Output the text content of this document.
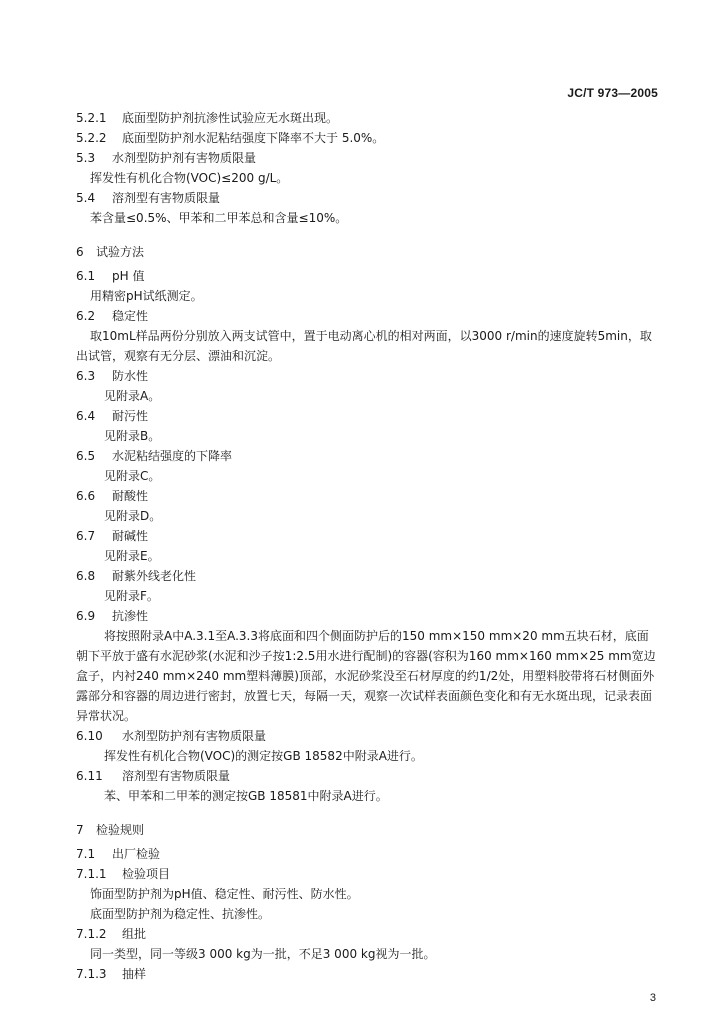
JC/T 973—2005
5.2.1 底面型防护剂抗渗性试验应无水斑出现。
5.2.2 底面型防护剂水泥粘结强度下降率不大于 5.0%。
5.3 水剂型防护剂有害物质限量
挥发性有机化合物(VOC)≤200 g/L。
5.4 溶剂型有害物质限量
苯含量≤0.5%、甲苯和二甲苯总和含量≤10%。
6 试验方法
6.1 pH 值
用精密pH试纸测定。
6.2 稳定性
取10mL样品两份分别放入两支试管中，置于电动离心机的相对两面，以3000 r/min的速度旋转5min，取出试管，观察有无分层、漂油和沉淀。
6.3 防水性
见附录A。
6.4 耐污性
见附录B。
6.5 水泥粘结强度的下降率
见附录C。
6.6 耐酸性
见附录D。
6.7 耐碱性
见附录E。
6.8 耐紫外线老化性
见附录F。
6.9 抗渗性
将按照附录A中A.3.1至A.3.3将底面和四个侧面防护后的150 mm×150 mm×20 mm五块石材，底面朝下平放于盛有水泥砂浆(水泥和沙子按1:2.5用水进行配制)的容器(容积为160 mm×160 mm×25 mm宽边盒子，内衬240 mm×240 mm塑料薄膜)顶部，水泥砂浆没至石材厚度的约1/2处，用塑料胶带将石材侧面外露部分和容器的周边进行密封，放置七天，每隔一天，观察一次试样表面颜色变化和有无水斑出现，记录表面异常状况。
6.10 水剂型防护剂有害物质限量
挥发性有机化合物(VOC)的测定按GB 18582中附录A进行。
6.11 溶剂型有害物质限量
苯、甲苯和二甲苯的测定按GB 18581中附录A进行。
7 检验规则
7.1 出厂检验
7.1.1 检验项目
饰面型防护剂为pH值、稳定性、耐污性、防水性。
底面型防护剂为稳定性、抗渗性。
7.1.2 组批
同一类型，同一等级3 000 kg为一批，不足3 000 kg视为一批。
7.1.3 抽样
3
